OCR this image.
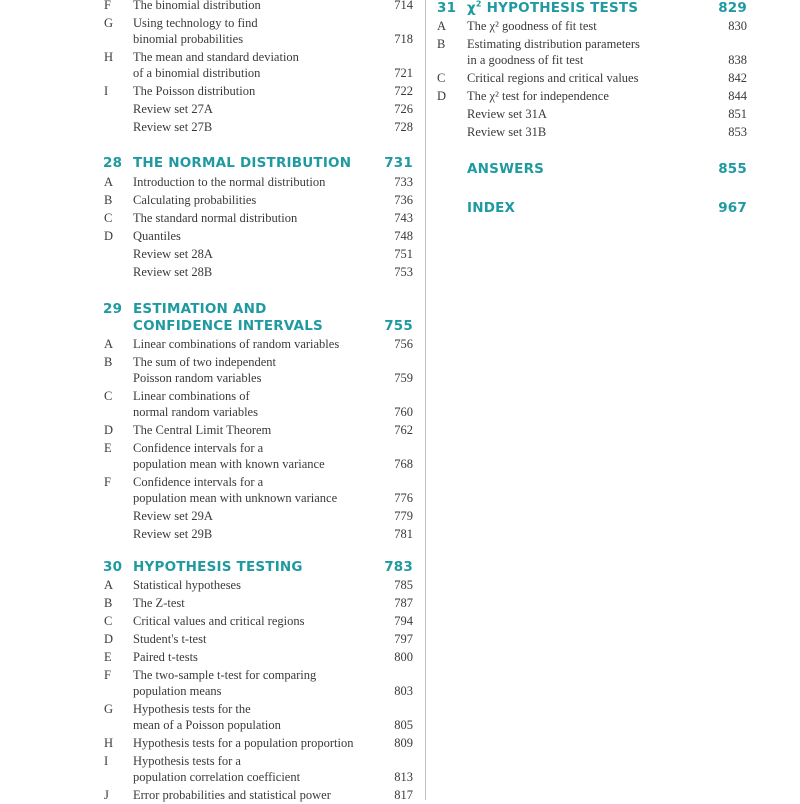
F	The binomial distribution	714
G	Using technology to find
binomial probabilities	718
H	The mean and standard deviation
of a binomial distribution	721
I	The Poisson distribution	722
Review set 27A	726
Review set 27B	728
28 THE NORMAL DISTRIBUTION 731
A	Introduction to the normal distribution	733
B	Calculating probabilities	736
C	The standard normal distribution	743
D	Quantiles	748
Review set 28A	751
Review set 28B	753
29 ESTIMATION AND
CONFIDENCE INTERVALS	755
A	Linear combinations of random variables	756
B	The sum of two independent
Poisson random variables	759
C	Linear combinations of
normal random variables	760
D	The Central Limit Theorem	762
E	Confidence intervals for a
population mean with known variance	768
F	Confidence intervals for a
population mean with unknown variance	776
Review set 29A	779
Review set 29B	781
30 HYPOTHESIS TESTING	783
A	Statistical hypotheses	785
B	The Z-test	787
C	Critical values and critical regions	794
D	Student's t-test	797
E	Paired t-tests	800
F	The two-sample t-test for comparing
population means	803
G	Hypothesis tests for the
mean of a Poisson population	805
H	Hypothesis tests for a population proportion	809
I	Hypothesis tests for a
population correlation coefficient	813
J	Error probabilities and statistical power	817
31 $\chi^2$ HYPOTHESIS TESTS	829
A	The χ² goodness of fit test	830
B	Estimating distribution parameters
in a goodness of fit test	838
C	Critical regions and critical values	842
D	The χ² test for independence	844
Review set 31A	851
Review set 31B	853
ANSWERS	855
INDEX	967
